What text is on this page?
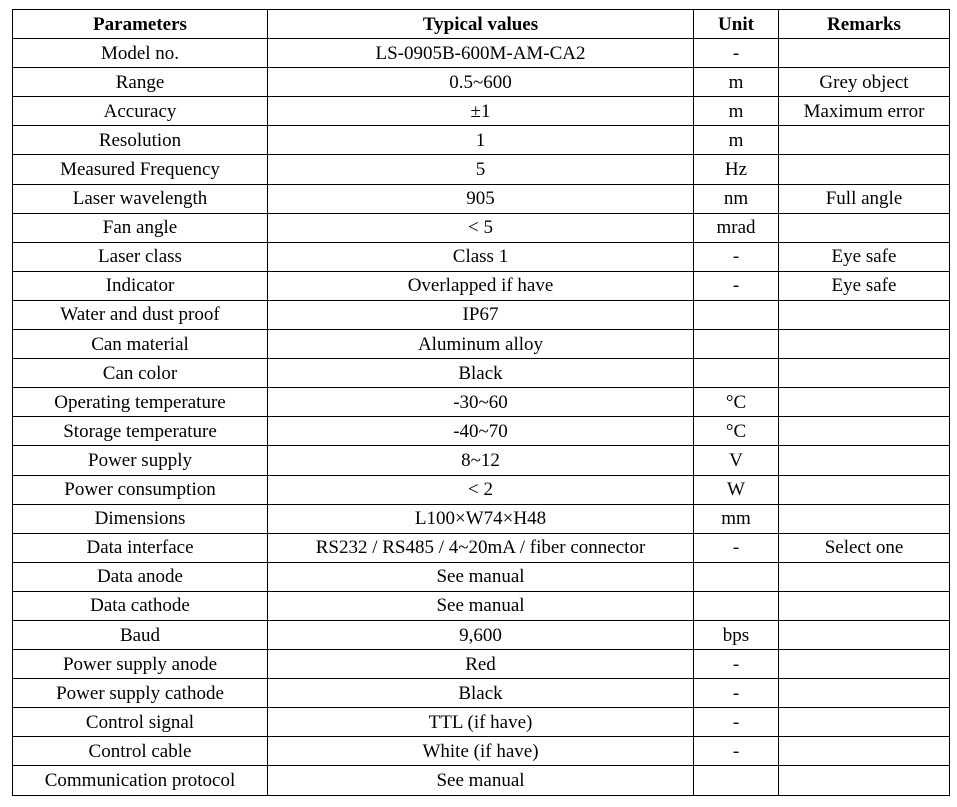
Parameters	Typical values	Unit	Remarks
Model no.	LS-0905B-600M-AM-CA2	-	
Range	0.5~600	m	Grey object
Accuracy	±1	m	Maximum error
Resolution	1	m	
Measured Frequency	5	Hz	
Laser wavelength	905	nm	Full angle
Fan angle	< 5	mrad	
Laser class	Class 1	-	Eye safe
Indicator	Overlapped if have	-	Eye safe
Water and dust proof	IP67		
Can material	Aluminum alloy		
Can color	Black		
Operating temperature	-30~60	°C	
Storage temperature	-40~70	°C	
Power supply	8~12	V	
Power consumption	< 2	W	
Dimensions	L100×W74×H48	mm	
Data interface	RS232 / RS485 / 4~20mA / fiber connector	-	Select one
Data anode	See manual		
Data cathode	See manual		
Baud	9,600	bps	
Power supply anode	Red	-	
Power supply cathode	Black	-	
Control signal	TTL (if have)	-	
Control cable	White (if have)	-	
Communication protocol	See manual		
